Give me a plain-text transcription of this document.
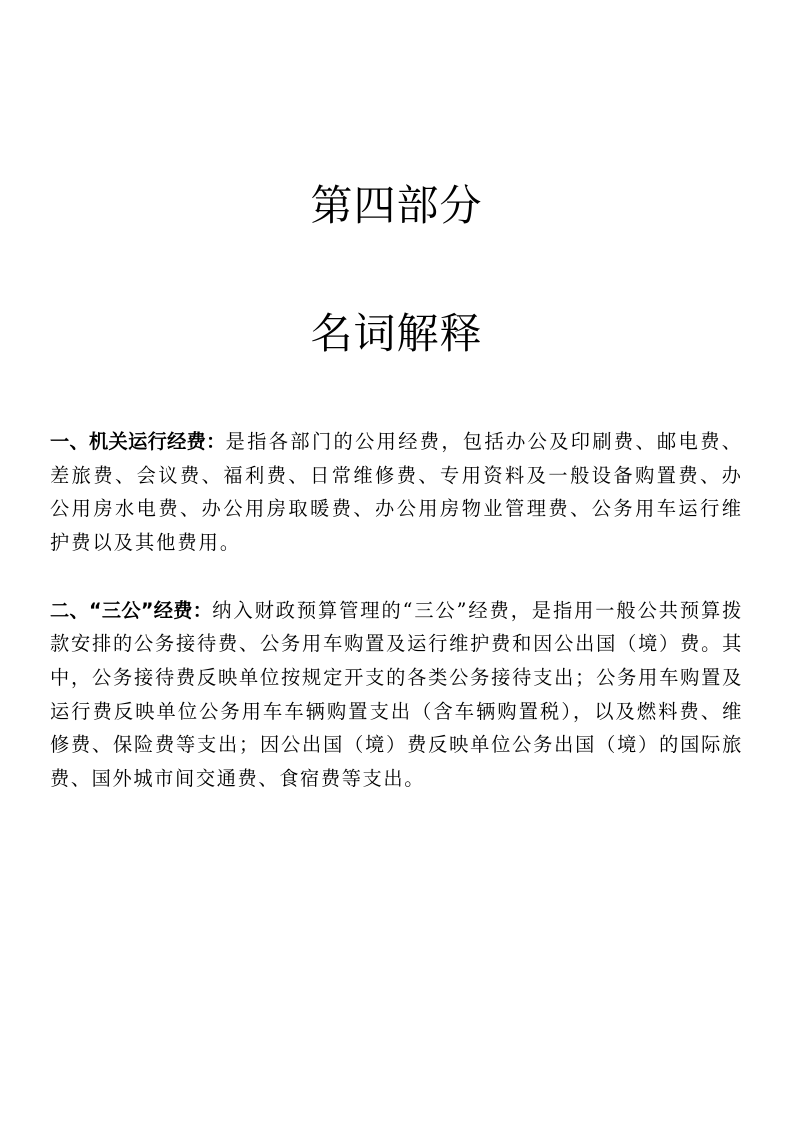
第四部分
名词解释

一、机关运行经费：是指各部门的公用经费，包括办公及印刷费、邮电费、差旅费、会议费、福利费、日常维修费、专用资料及一般设备购置费、办公用房水电费、办公用房取暖费、办公用房物业管理费、公务用车运行维护费以及其他费用。

二、“三公”经费：纳入财政预算管理的“三公”经费，是指用一般公共预算拨款安排的公务接待费、公务用车购置及运行维护费和因公出国（境）费。其中，公务接待费反映单位按规定开支的各类公务接待支出；公务用车购置及运行费反映单位公务用车车辆购置支出（含车辆购置税），以及燃料费、维修费、保险费等支出；因公出国（境）费反映单位公务出国（境）的国际旅费、国外城市间交通费、食宿费等支出。
